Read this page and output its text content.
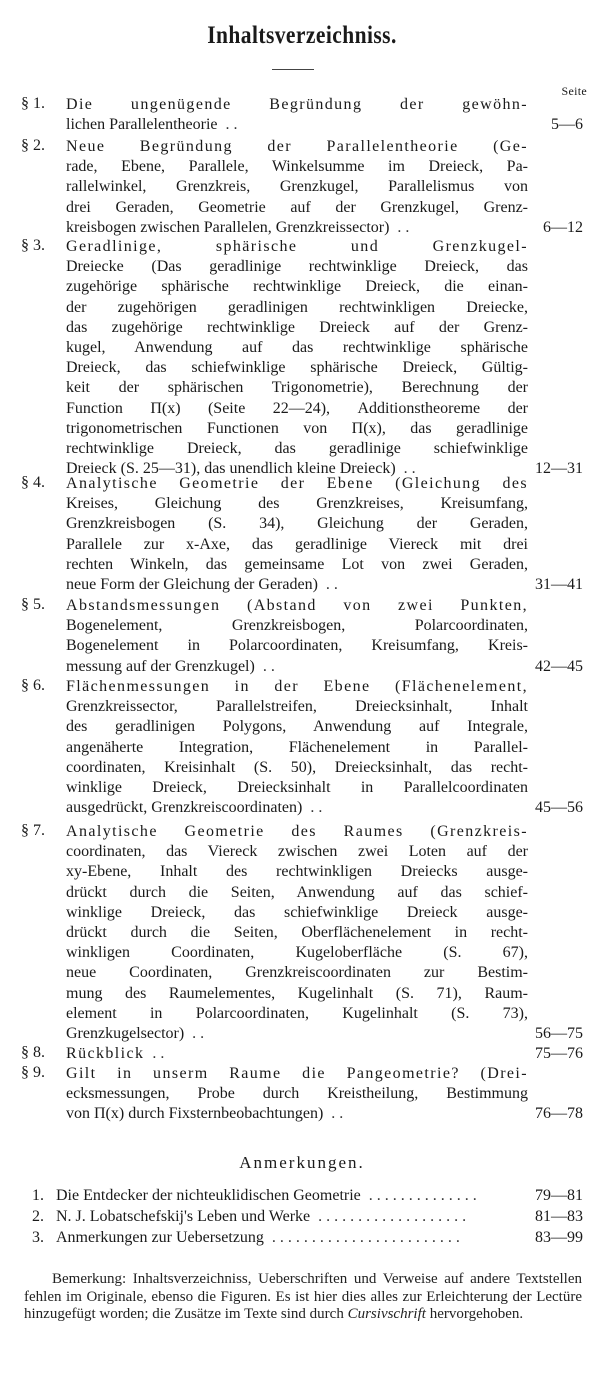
Inhaltsverzeichniss.
Seite
§ 1. Die ungenügende Begründung der gewöhn-
lichen Parallelentheorie ..	5—6
§ 2. Neue Begründung der Parallelentheorie (Ge-
rade, Ebene, Parallele, Winkelsumme im Dreieck, Pa-
rallelwinkel, Grenzkreis, Grenzkugel, Parallelismus von
drei Geraden, Geometrie auf der Grenzkugel, Grenz-
kreisbogen zwischen Parallelen, Grenzkreissector) ..	6—12
§ 3. Geradlinige, sphärische und Grenzkugel-
Dreiecke (Das geradlinige rechtwinklige Dreieck, das
zugehörige sphärische rechtwinklige Dreieck, die einan-
der zugehörigen geradlinigen rechtwinkligen Dreiecke,
das zugehörige rechtwinklige Dreieck auf der Grenz-
kugel, Anwendung auf das rechtwinklige sphärische
Dreieck, das schiefwinklige sphärische Dreieck, Gültig-
keit der sphärischen Trigonometrie), Berechnung der
Function Π(x) (Seite 22—24), Additionstheoreme der
trigonometrischen Functionen von Π(x), das geradlinige
rechtwinklige Dreieck, das geradlinige schiefwinklige
Dreieck (S. 25—31), das unendlich kleine Dreieck) ..	12—31
§ 4. Analytische Geometrie der Ebene (Gleichung des
Kreises, Gleichung des Grenzkreises, Kreisumfang,
Grenzkreisbogen (S. 34), Gleichung der Geraden,
Parallele zur x-Axe, das geradlinige Viereck mit drei
rechten Winkeln, das gemeinsame Lot von zwei Geraden,
neue Form der Gleichung der Geraden) ..	31—41
§ 5. Abstandsmessungen (Abstand von zwei Punkten,
Bogenelement, Grenzkreisbogen, Polarcoordinaten,
Bogenelement in Polarcoordinaten, Kreisumfang, Kreis-
messung auf der Grenzkugel) ..	42—45
§ 6. Flächenmessungen in der Ebene (Flächenelement,
Grenzkreissector, Parallelstreifen, Dreiecksinhalt, Inhalt
des geradlinigen Polygons, Anwendung auf Integrale,
angenäherte Integration, Flächenelement in Parallel-
coordinaten, Kreisinhalt (S. 50), Dreiecksinhalt, das recht-
winklige Dreieck, Dreiecksinhalt in Parallelcoordinaten
ausgedrückt, Grenzkreiscoordinaten) ..	45—56
§ 7. Analytische Geometrie des Raumes (Grenzkreis-
coordinaten, das Viereck zwischen zwei Loten auf der
xy-Ebene, Inhalt des rechtwinkligen Dreiecks ausge-
drückt durch die Seiten, Anwendung auf das schief-
winklige Dreieck, das schiefwinklige Dreieck ausge-
drückt durch die Seiten, Oberflächenelement in recht-
winkligen Coordinaten, Kugeloberfläche (S. 67),
neue Coordinaten, Grenzkreiscoordinaten zur Bestim-
mung des Raumelementes, Kugelinhalt (S. 71), Raum-
element in Polarcoordinaten, Kugelinhalt (S. 73),
Grenzkugelsector) ..	56—75
§ 8. Rückblick ..	75—76
§ 9. Gilt in unserm Raume die Pangeometrie? (Drei-
ecksmessungen, Probe durch Kreistheilung, Bestimmung
von Π(x) durch Fixsternbeobachtungen) ..	76—78
Anmerkungen.
1. Die Entdecker der nichteuklidischen Geometrie ..............	79—81
2. N. J. Lobatschefskij's Leben und Werke ...................	81—83
3. Anmerkungen zur Uebersetzung ........................	83—99

Bemerkung: Inhaltsverzeichniss, Ueberschriften und Verweise auf andere Textstellen fehlen im Originale, ebenso die Figuren. Es ist hier dies alles zur Erleichterung der Lectüre hinzugefügt worden; die Zusätze im Texte sind durch Cursivschrift hervorgehoben.
